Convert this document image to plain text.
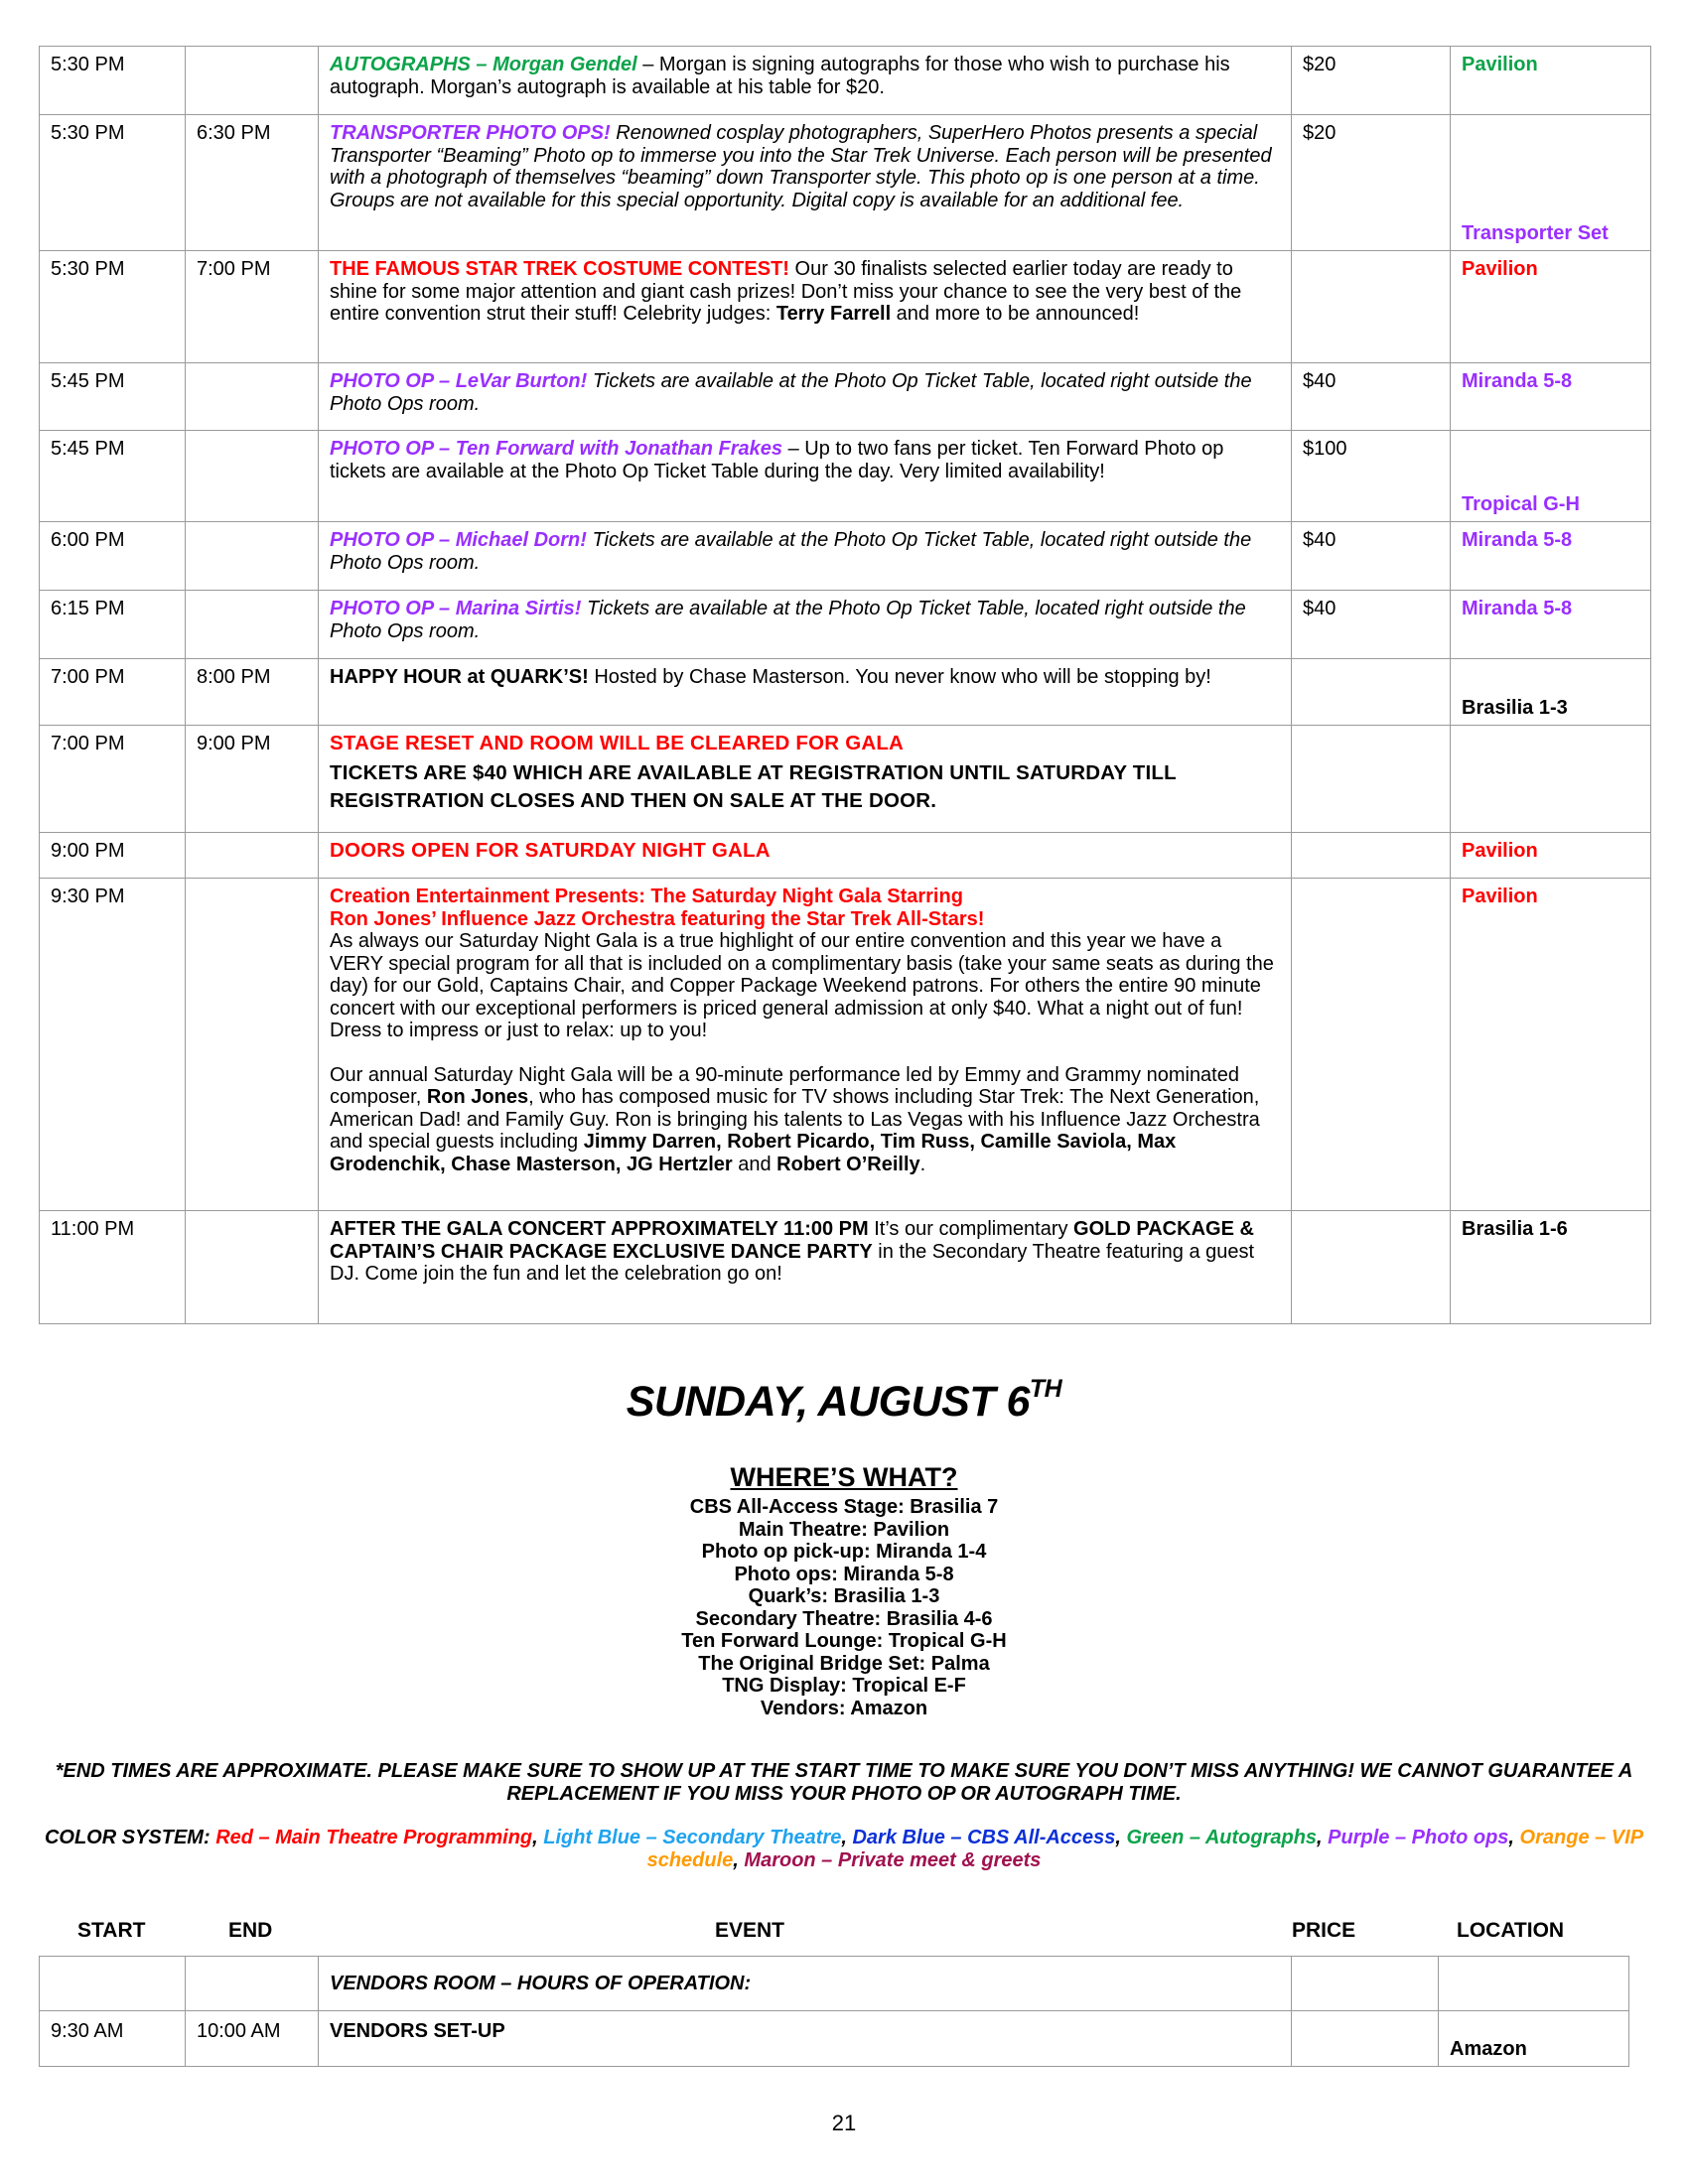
5:30 PM		AUTOGRAPHS – Morgan Gendel – Morgan is signing autographs for those who wish to purchase his autograph. Morgan’s autograph is available at his table for $20.	$20	Pavilion
5:30 PM	6:30 PM	TRANSPORTER PHOTO OPS! Renowned cosplay photographers, SuperHero Photos presents a special Transporter “Beaming” Photo op to immerse you into the Star Trek Universe. Each person will be presented with a photograph of themselves “beaming” down Transporter style. This photo op is one person at a time. Groups are not available for this special opportunity. Digital copy is available for an additional fee.	$20	Transporter Set
5:30 PM	7:00 PM	THE FAMOUS STAR TREK COSTUME CONTEST! Our 30 finalists selected earlier today are ready to shine for some major attention and giant cash prizes! Don’t miss your chance to see the very best of the entire convention strut their stuff! Celebrity judges: Terry Farrell and more to be announced!		Pavilion
5:45 PM		PHOTO OP – LeVar Burton! Tickets are available at the Photo Op Ticket Table, located right outside the Photo Ops room.	$40	Miranda 5-8
5:45 PM		PHOTO OP – Ten Forward with Jonathan Frakes – Up to two fans per ticket. Ten Forward Photo op tickets are available at the Photo Op Ticket Table during the day. Very limited availability!	$100	Tropical G-H
6:00 PM		PHOTO OP – Michael Dorn! Tickets are available at the Photo Op Ticket Table, located right outside the Photo Ops room.	$40	Miranda 5-8
6:15 PM		PHOTO OP – Marina Sirtis! Tickets are available at the Photo Op Ticket Table, located right outside the Photo Ops room.	$40	Miranda 5-8
7:00 PM	8:00 PM	HAPPY HOUR at QUARK’S! Hosted by Chase Masterson. You never know who will be stopping by!		Brasilia 1-3
7:00 PM	9:00 PM	STAGE RESET AND ROOM WILL BE CLEARED FOR GALA
TICKETS ARE $40 WHICH ARE AVAILABLE AT REGISTRATION UNTIL SATURDAY TILL REGISTRATION CLOSES AND THEN ON SALE AT THE DOOR.		

9:00 PM		DOORS OPEN FOR SATURDAY NIGHT GALA		Pavilion
9:30 PM		Creation Entertainment Presents: The Saturday Night Gala Starring
Ron Jones’ Influence Jazz Orchestra featuring the Star Trek All-Stars!
As always our Saturday Night Gala is a true highlight of our entire convention and this year we have a VERY special program for all that is included on a complimentary basis (take your same seats as during the day) for our Gold, Captains Chair, and Copper Package Weekend patrons. For others the entire 90 minute concert with our exceptional performers is priced general admission at only $40. What a night out of fun! Dress to impress or just to relax: up to you!
Our annual Saturday Night Gala will be a 90-minute performance led by Emmy and Grammy nominated composer, Ron Jones, who has composed music for TV shows including Star Trek: The Next Generation, American Dad! and Family Guy. Ron is bringing his talents to Las Vegas with his Influence Jazz Orchestra and special guests including Jimmy Darren, Robert Picardo, Tim Russ, Camille Saviola, Max Grodenchik, Chase Masterson, JG Hertzler and Robert O’Reilly.		Pavilion
11:00 PM		AFTER THE GALA CONCERT APPROXIMATELY 11:00 PM It’s our complimentary GOLD PACKAGE & CAPTAIN’S CHAIR PACKAGE EXCLUSIVE DANCE PARTY in the Secondary Theatre featuring a guest DJ. Come join the fun and let the celebration go on!		Brasilia 1-6
SUNDAY, AUGUST 6TH
WHERE’S WHAT?
CBS All-Access Stage: Brasilia 7
Main Theatre: Pavilion
Photo op pick-up: Miranda 1-4
Photo ops: Miranda 5-8
Quark’s: Brasilia 1-3
Secondary Theatre: Brasilia 4-6
Ten Forward Lounge: Tropical G-H
The Original Bridge Set: Palma
TNG Display: Tropical E-F
Vendors: Amazon
*END TIMES ARE APPROXIMATE. PLEASE MAKE SURE TO SHOW UP AT THE START TIME TO MAKE SURE YOU DON’T MISS ANYTHING! WE CANNOT GUARANTEE A REPLACEMENT IF YOU MISS YOUR PHOTO OP OR AUTOGRAPH TIME.
COLOR SYSTEM: Red – Main Theatre Programming, Light Blue – Secondary Theatre, Dark Blue – CBS All-Access, Green – Autographs, Purple – Photo ops, Orange – VIP schedule, Maroon – Private meet & greets
START	END	EVENT	PRICE	LOCATION
		VENDORS ROOM – HOURS OF OPERATION:		
9:30 AM	10:00 AM	VENDORS SET-UP		Amazon
21
